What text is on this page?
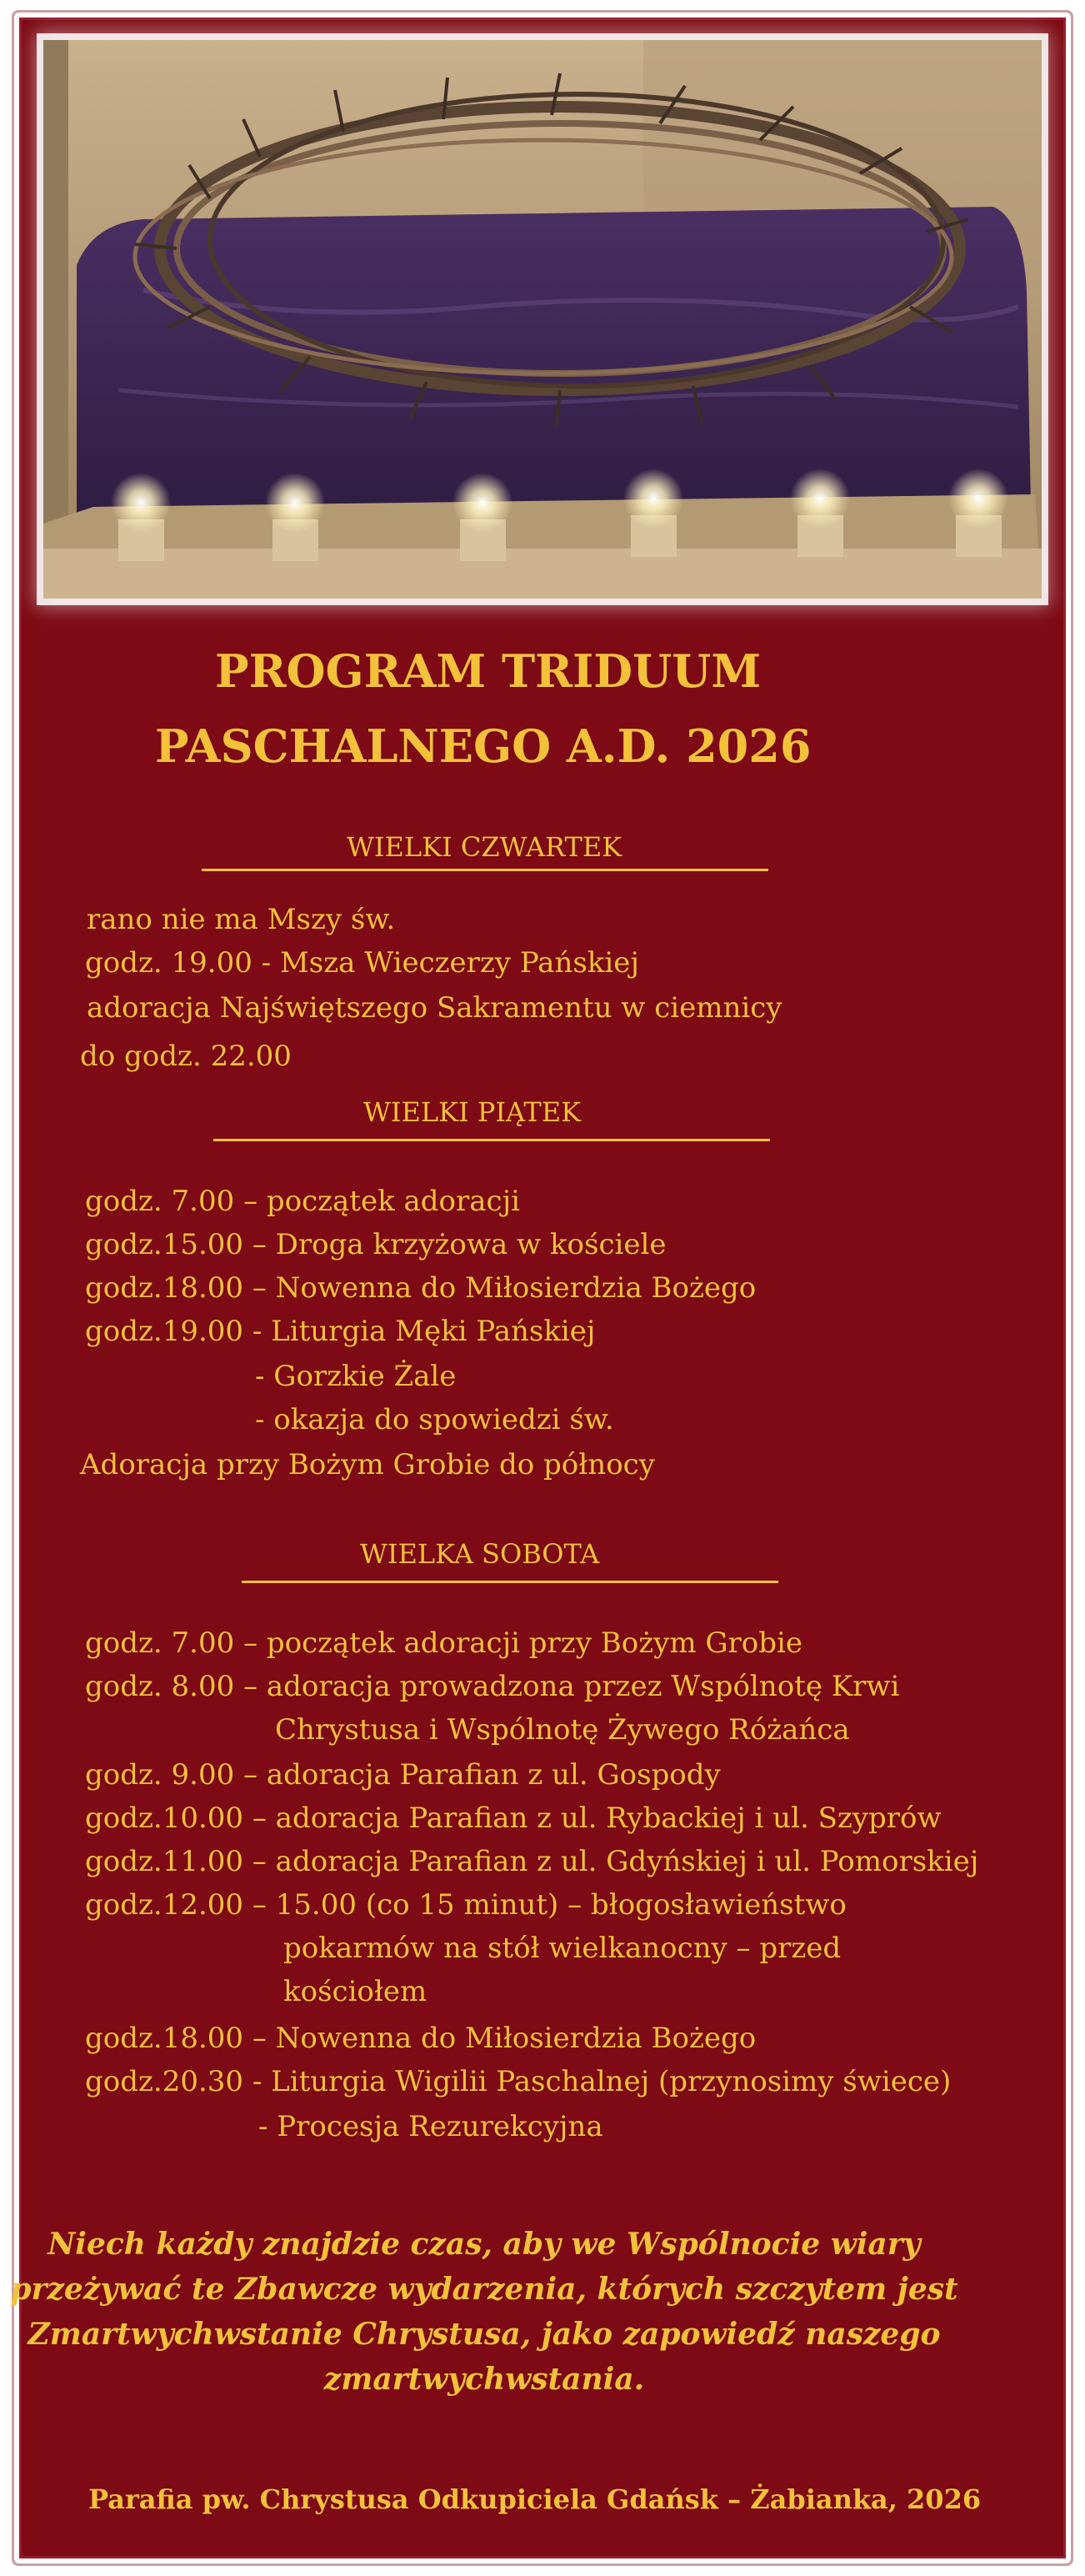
PROGRAM TRIDUUM
PASCHALNEGO A.D. 2026
WIELKI CZWARTEK
rano nie ma Mszy św.
godz. 19.00 - Msza Wieczerzy Pańskiej
adoracja Najświętszego Sakramentu w ciemnicy
do godz. 22.00
WIELKI PIĄTEK
godz. 7.00 – początek adoracji
godz.15.00 – Droga krzyżowa w kościele
godz.18.00 – Nowenna do Miłosierdzia Bożego
godz.19.00 - Liturgia Męki Pańskiej
- Gorzkie Żale
- okazja do spowiedzi św.
Adoracja przy Bożym Grobie do północy
WIELKA SOBOTA
godz. 7.00 – początek adoracji przy Bożym Grobie
godz. 8.00 – adoracja prowadzona przez Wspólnotę Krwi
Chrystusa i Wspólnotę Żywego Różańca
godz. 9.00 – adoracja Parafian z ul. Gospody
godz.10.00 – adoracja Parafian z ul. Rybackiej i ul. Szyprów
godz.11.00 – adoracja Parafian z ul. Gdyńskiej i ul. Pomorskiej
godz.12.00 – 15.00 (co 15 minut) – błogosławieństwo
pokarmów na stół wielkanocny – przed
kościołem
godz.18.00 – Nowenna do Miłosierdzia Bożego
godz.20.30 - Liturgia Wigilii Paschalnej (przynosimy świece)
- Procesja Rezurekcyjna
Niech każdy znajdzie czas, aby we Wspólnocie wiary
przeżywać te Zbawcze wydarzenia, których szczytem jest
Zmartwychwstanie Chrystusa, jako zapowiedź naszego
zmartwychwstania.
Parafia pw. Chrystusa Odkupiciela Gdańsk – Żabianka, 2026
